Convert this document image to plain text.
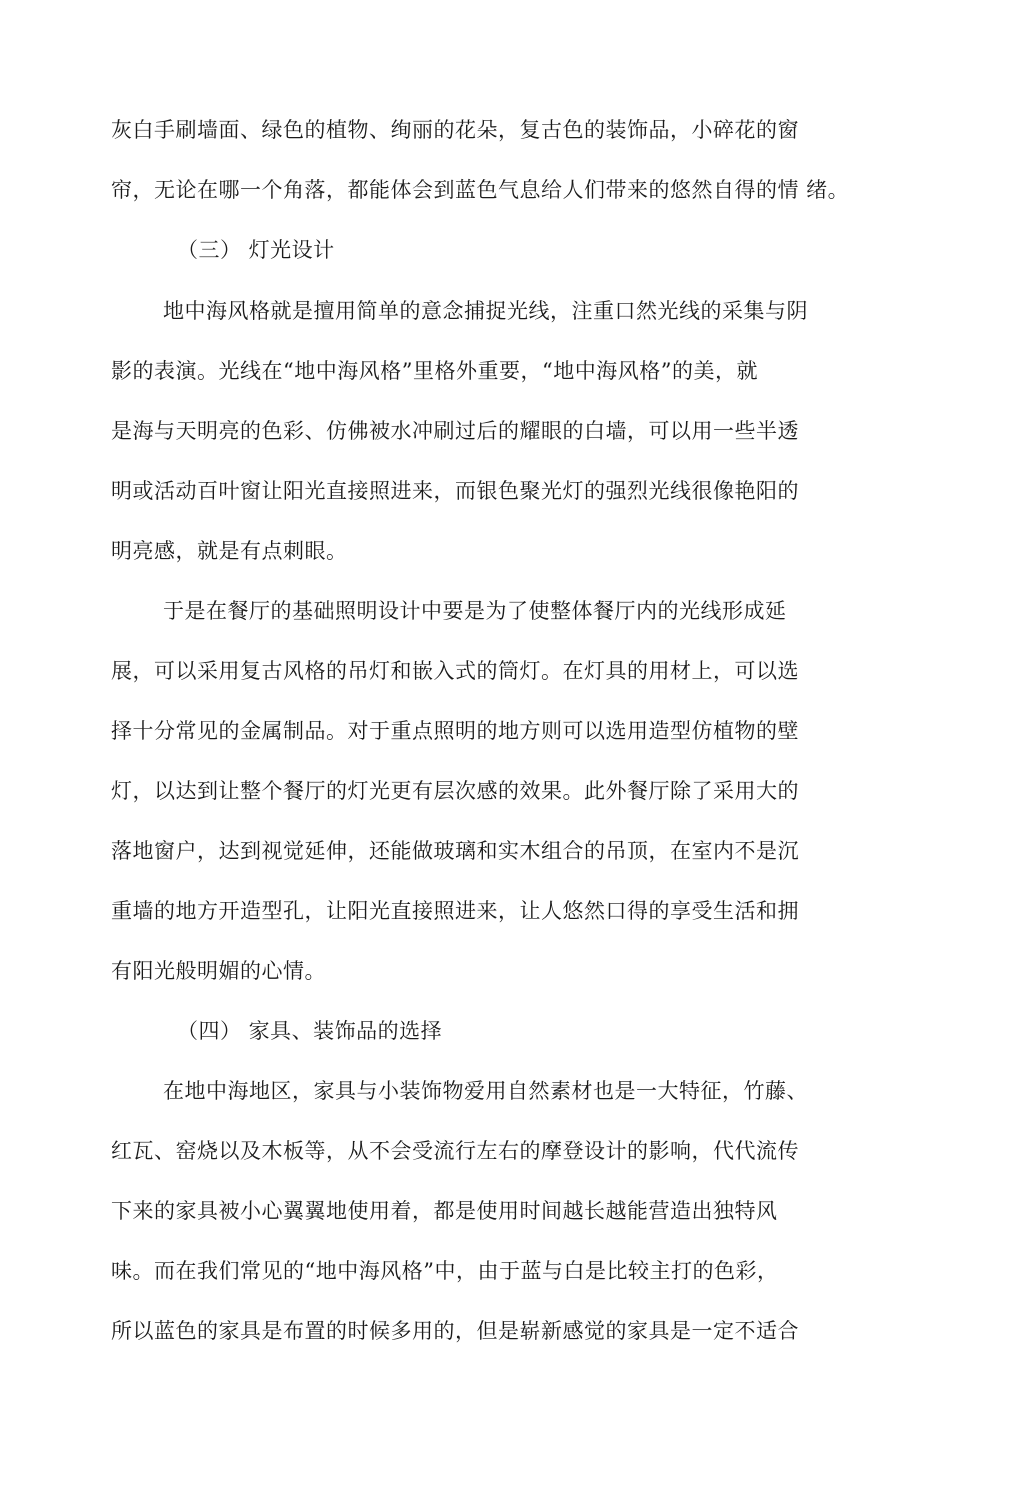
灰白手刷墙面、绿色的植物、绚丽的花朵，复古色的装饰品，小碎花的窗
帘，无论在哪一个角落，都能体会到蓝色气息给人们带来的悠然自得的情 绪。
（三） 灯光设计
地中海风格就是擅用简单的意念捕捉光线，注重口然光线的采集与阴
影的表演。光线在“地中海风格”里格外重要，“地中海风格”的美，就
是海与天明亮的色彩、仿佛被水冲刷过后的耀眼的白墙，可以用一些半透
明或活动百叶窗让阳光直接照进来，而银色聚光灯的强烈光线很像艳阳的
明亮感，就是有点刺眼。
于是在餐厅的基础照明设计中要是为了使整体餐厅内的光线形成延
展，可以采用复古风格的吊灯和嵌入式的筒灯。在灯具的用材上，可以选
择十分常见的金属制品。对于重点照明的地方则可以选用造型仿植物的壁
灯，以达到让整个餐厅的灯光更有层次感的效果。此外餐厅除了采用大的
落地窗户，达到视觉延伸，还能做玻璃和实木组合的吊顶，在室内不是沉
重墙的地方开造型孔，让阳光直接照进来，让人悠然口得的享受生活和拥
有阳光般明媚的心情。
（四） 家具、装饰品的选择
在地中海地区，家具与小装饰物爱用自然素材也是一大特征，竹藤、
红瓦、窑烧以及木板等，从不会受流行左右的摩登设计的影响，代代流传
下来的家具被小心翼翼地使用着，都是使用时间越长越能营造出独特风
味。而在我们常见的“地中海风格”中，由于蓝与白是比较主打的色彩，
所以蓝色的家具是布置的时候多用的，但是崭新感觉的家具是一定不适合
